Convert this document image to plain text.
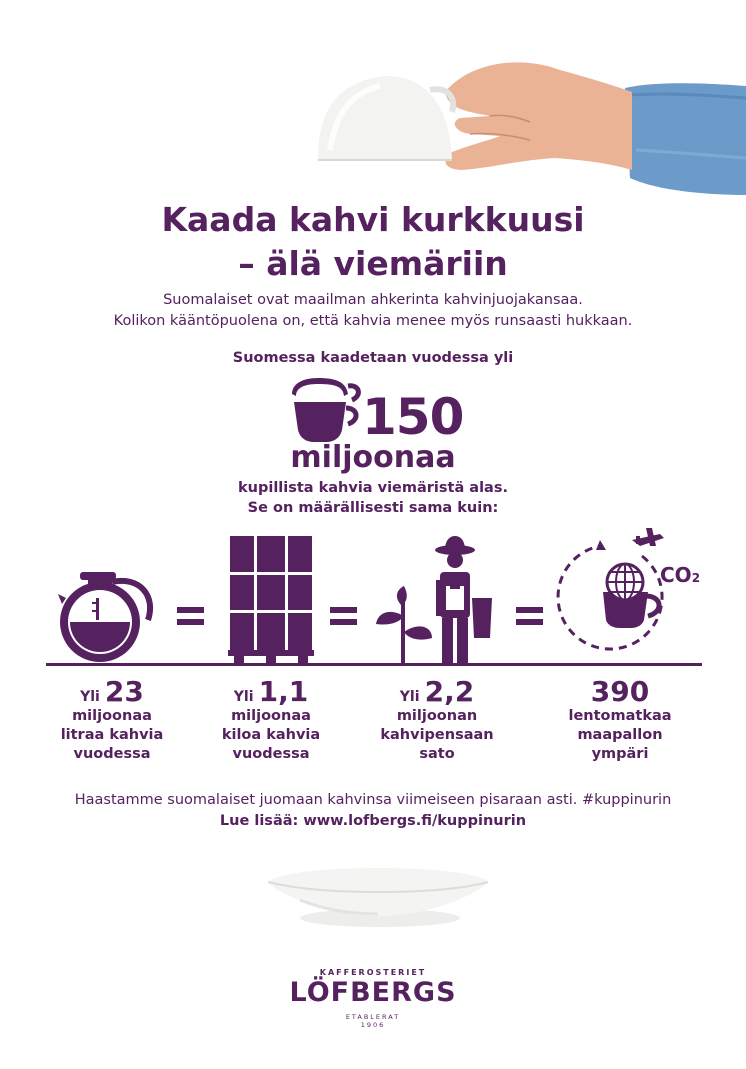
Kaada kahvi kurkkuusi
– älä viemäriin
Suomalaiset ovat maailman ahkerinta kahvinjuojakansaa.
Kolikon kääntöpuolena on, että kahvia menee myös runsaasti hukkaan.
Suomessa kaadetaan vuodessa yli
150
miljoonaa
kupillista kahvia viemäristä alas.
Se on määrällisesti sama kuin:
CO2
Yli 23
miljoonaa
litraa kahvia
vuodessa
Yli 1,1
miljoonaa
kiloa kahvia
vuodessa
Yli 2,2
miljoonan
kahvipensaan
sato
390
lentomatkaa
maapallon
ympäri
Haastamme suomalaiset juomaan kahvinsa viimeiseen pisaraan asti. #kuppinurin
Lue lisää: www.lofbergs.fi/kuppinurin
KAFFEROSTERIET
LÖFBERGS
ETABLERAT
1906
